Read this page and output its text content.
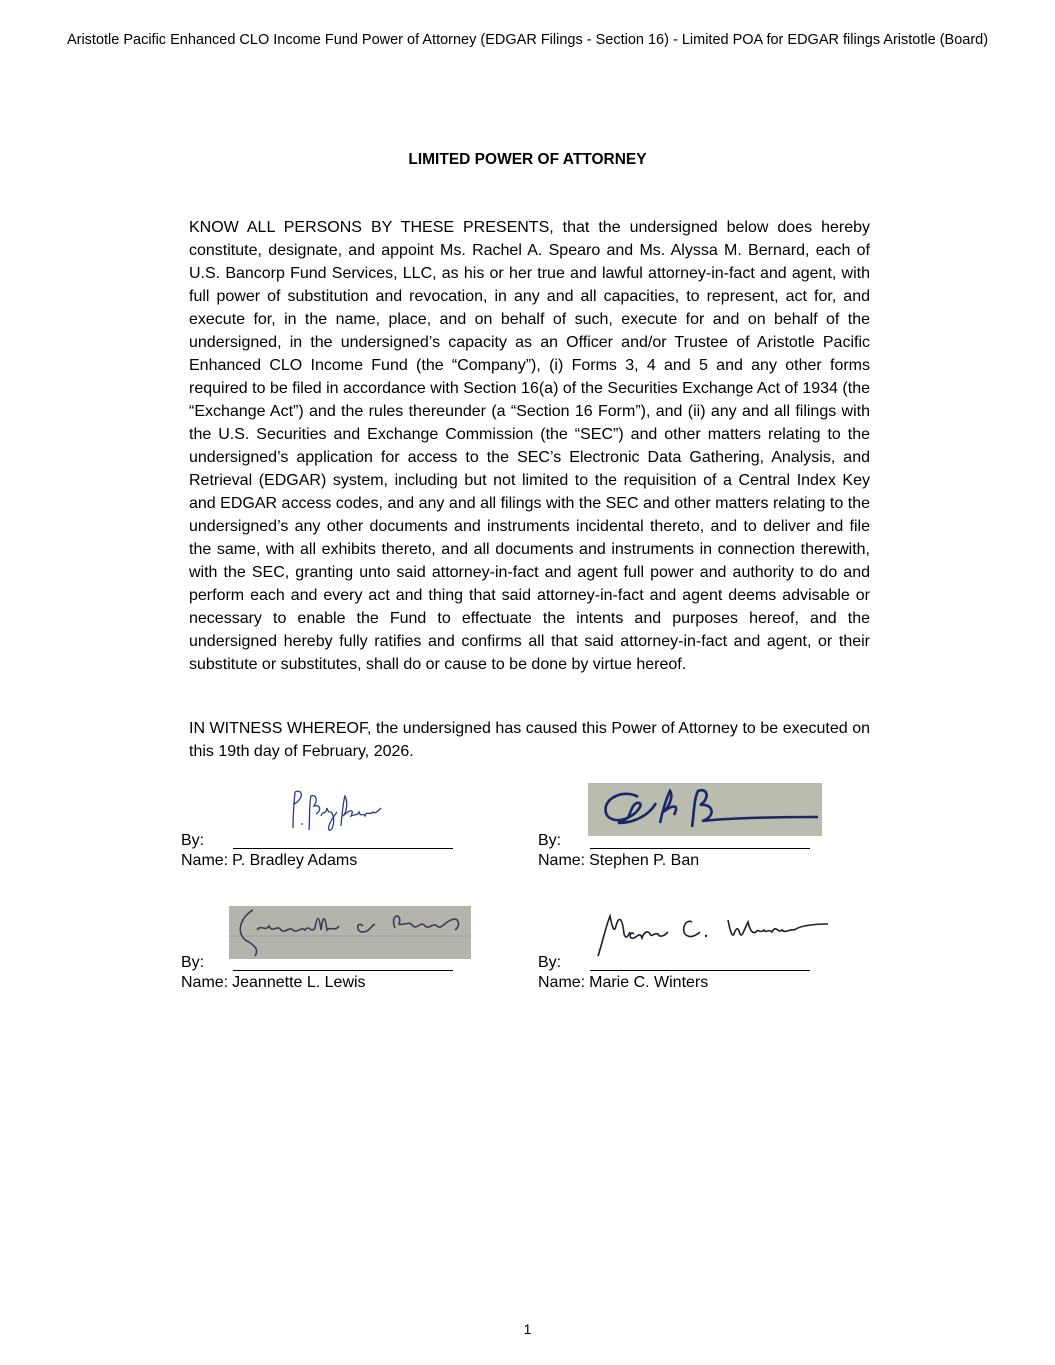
Aristotle Pacific Enhanced CLO Income Fund Power of Attorney (EDGAR Filings - Section 16) - Limited POA for EDGAR filings Aristotle (Board)
LIMITED POWER OF ATTORNEY

KNOW ALL PERSONS BY THESE PRESENTS, that the undersigned below does hereby constitute, designate, and appoint Ms. Rachel A. Spearo and Ms. Alyssa M. Bernard, each of U.S. Bancorp Fund Services, LLC, as his or her true and lawful attorney-in-fact and agent, with full power of substitution and revocation, in any and all capacities, to represent, act for, and execute for, in the name, place, and on behalf of such, execute for and on behalf of the undersigned, in the undersigned’s capacity as an Officer and/or Trustee of Aristotle Pacific Enhanced CLO Income Fund (the “Company”), (i) Forms 3, 4 and 5 and any other forms required to be filed in accordance with Section 16(a) of the Securities Exchange Act of 1934 (the “Exchange Act”) and the rules thereunder (a “Section 16 Form”), and (ii) any and all filings with the U.S. Securities and Exchange Commission (the “SEC”) and other matters relating to the undersigned’s application for access to the SEC’s Electronic Data Gathering, Analysis, and Retrieval (EDGAR) system, including but not limited to the requisition of a Central Index Key and EDGAR access codes, and any and all filings with the SEC and other matters relating to the undersigned’s any other documents and instruments incidental thereto, and to deliver and file the same, with all exhibits thereto, and all documents and instruments in connection therewith, with the SEC, granting unto said attorney-in-fact and agent full power and authority to do and perform each and every act and thing that said attorney-in-fact and agent deems advisable or necessary to enable the Fund to effectuate the intents and purposes hereof, and the undersigned hereby fully ratifies and confirms all that said attorney-in-fact and agent, or their substitute or substitutes, shall do or cause to be done by virtue hereof.

IN WITNESS WHEREOF, the undersigned has caused this Power of Attorney to be executed on this 19th day of February, 2026.

By:
Name: P. Bradley Adams
By:
Name: Stephen P. Ban
By:
Name: Jeannette L. Lewis
By:
Name: Marie C. Winters
1
